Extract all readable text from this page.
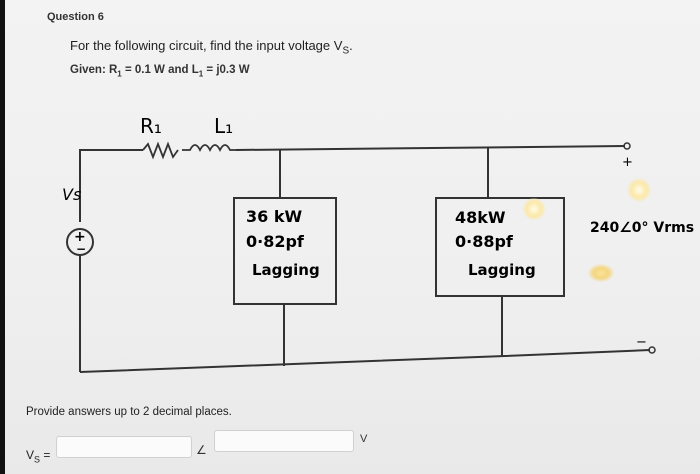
Question 6
For the following circuit, find the input voltage $V_S$.
Given: $R_1 = 0.1$ W and $L_1 = j0.3$ W
R₁	L₁
Vs
+
−
36 kW
0·82pf
Lagging
48kW
0·88pf
Lagging
240∠0° Vrms
+
−
Provide answers up to 2 decimal places.
$V_S$ =	∠
V
